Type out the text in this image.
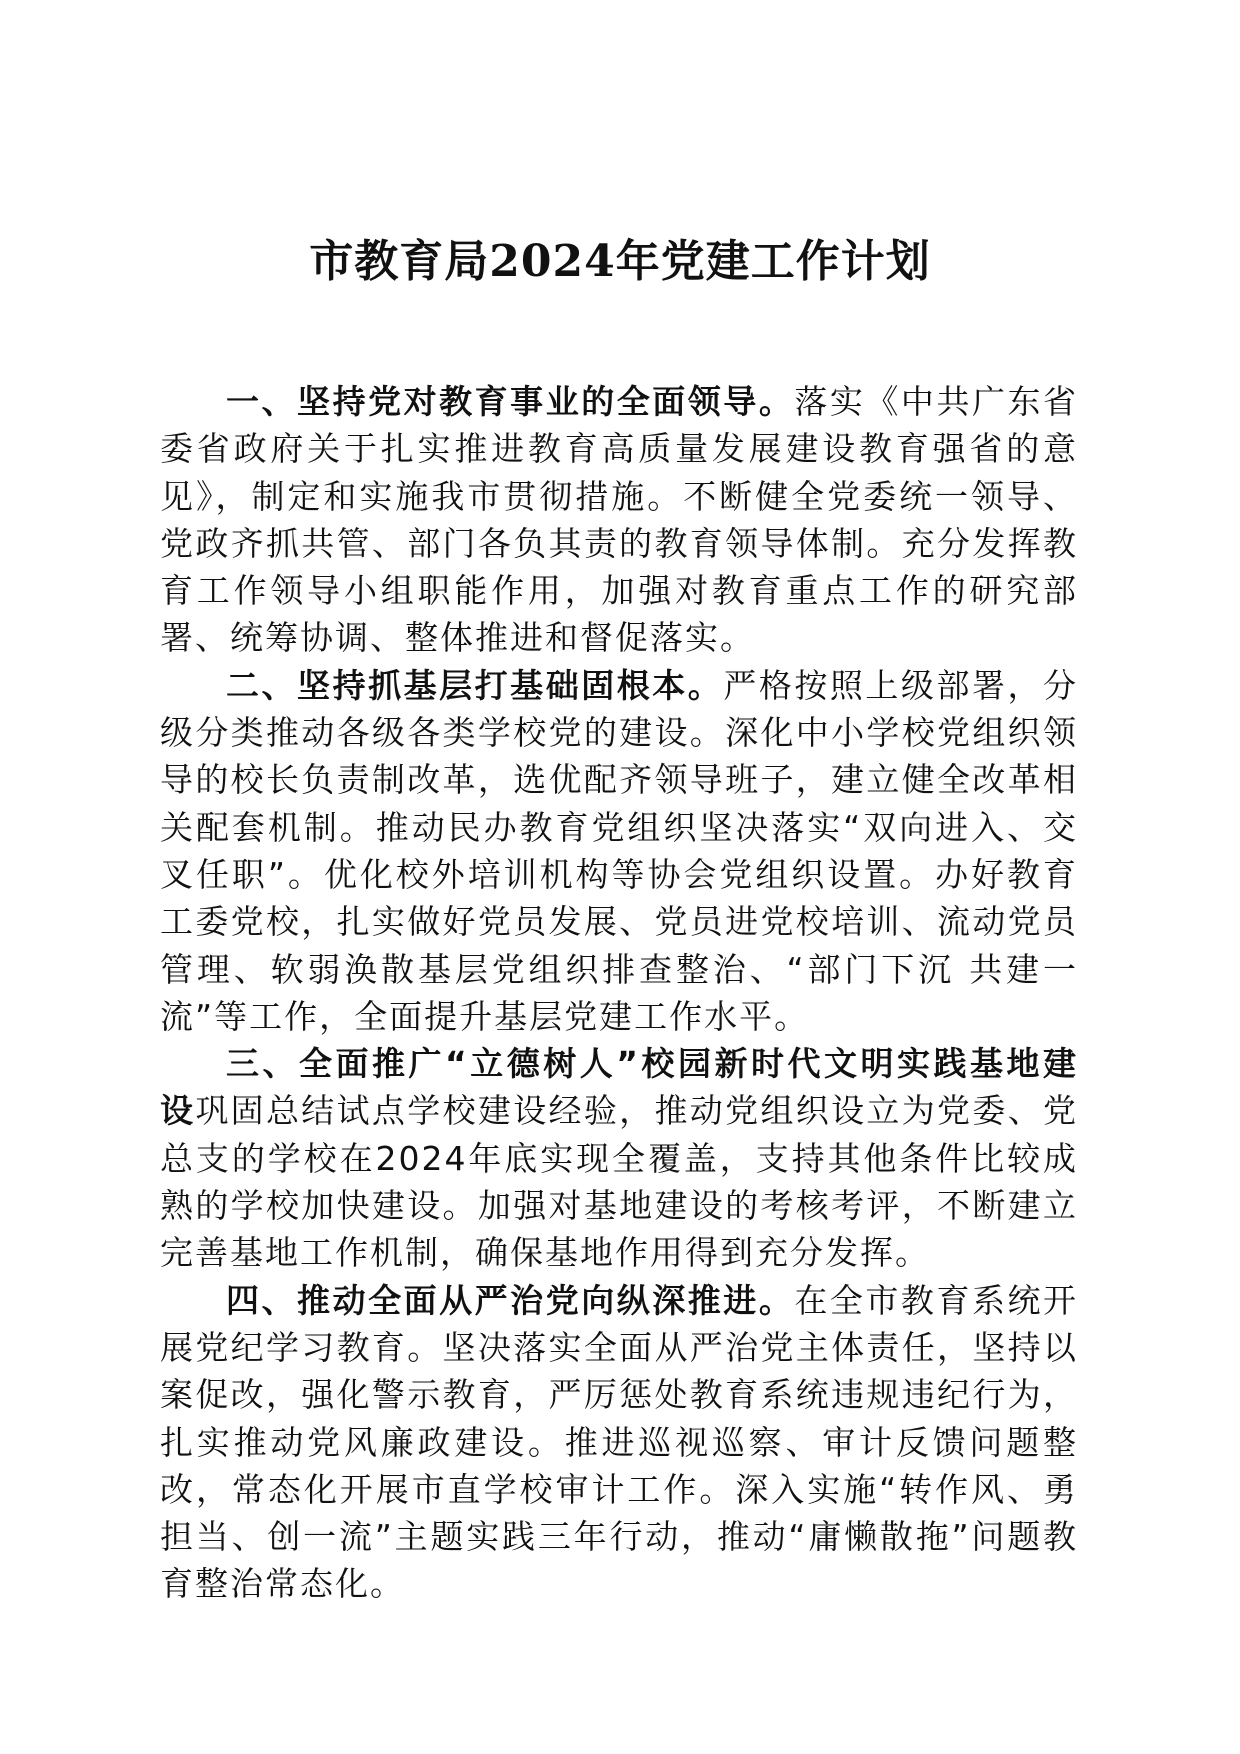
市教育局2024年党建工作计划

一、坚持党对教育事业的全面领导。落实《中共广东省委省政府关于扎实推进教育高质量发展建设教育强省的意见》，制定和实施我市贯彻措施。不断健全党委统一领导、党政齐抓共管、部门各负其责的教育领导体制。充分发挥教育工作领导小组职能作用，加强对教育重点工作的研究部署、统筹协调、整体推进和督促落实。

二、坚持抓基层打基础固根本。严格按照上级部署，分级分类推动各级各类学校党的建设。深化中小学校党组织领导的校长负责制改革，选优配齐领导班子，建立健全改革相关配套机制。推动民办教育党组织坚决落实“双向进入、交叉任职”。优化校外培训机构等协会党组织设置。办好教育工委党校，扎实做好党员发展、党员进党校培训、流动党员管理、软弱涣散基层党组织排查整治、“部门下沉 共建一流”等工作，全面提升基层党建工作水平。

三、全面推广“立德树人”校园新时代文明实践基地建设巩固总结试点学校建设经验，推动党组织设立为党委、党总支的学校在2024年底实现全覆盖，支持其他条件比较成熟的学校加快建设。加强对基地建设的考核考评，不断建立完善基地工作机制，确保基地作用得到充分发挥。

四、推动全面从严治党向纵深推进。在全市教育系统开展党纪学习教育。坚决落实全面从严治党主体责任，坚持以案促改，强化警示教育，严厉惩处教育系统违规违纪行为，扎实推动党风廉政建设。推进巡视巡察、审计反馈问题整改，常态化开展市直学校审计工作。深入实施“转作风、勇担当、创一流”主题实践三年行动，推动“庸懒散拖”问题教育整治常态化。
